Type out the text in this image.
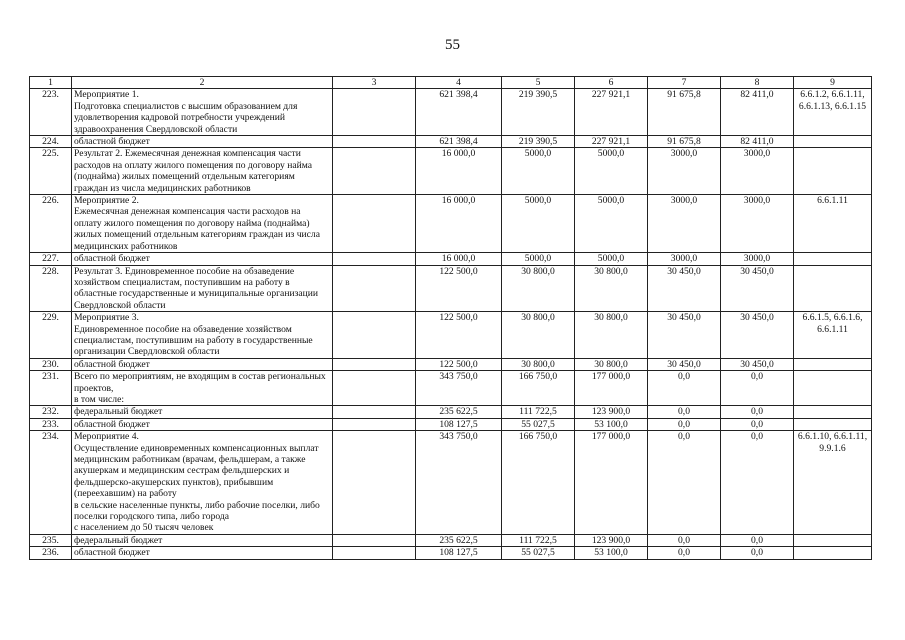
55
1	2	3	4	5	6	7	8	9
223.	Мероприятие 1.
Подготовка специалистов с высшим образованием для удовлетворения кадровой потребности учреждений здравоохранения Свердловской области		621 398,4	219 390,5	227 921,1	91 675,8	82 411,0	6.6.1.2, 6.6.1.11, 6.6.1.13, 6.6.1.15
224.	областной бюджет		621 398,4	219 390,5	227 921,1	91 675,8	82 411,0	
225.	Результат 2. Ежемесячная денежная компенсация части расходов на оплату жилого помещения по договору найма (поднайма) жилых помещений отдельным категориям граждан из числа медицинских работников		16 000,0	5000,0	5000,0	3000,0	3000,0	
226.	Мероприятие 2.
Ежемесячная денежная компенсация части расходов на оплату жилого помещения по договору найма (поднайма) жилых помещений отдельным категориям граждан из числа медицинских работников		16 000,0	5000,0	5000,0	3000,0	3000,0	6.6.1.11
227.	областной бюджет		16 000,0	5000,0	5000,0	3000,0	3000,0	
228.	Результат 3. Единовременное пособие на обзаведение хозяйством специалистам, поступившим на работу в областные государственные и муниципальные организации Свердловской области		122 500,0	30 800,0	30 800,0	30 450,0	30 450,0	
229.	Мероприятие 3.
Единовременное пособие на обзаведение хозяйством специалистам, поступившим на работу в государственные организации Свердловской области		122 500,0	30 800,0	30 800,0	30 450,0	30 450,0	6.6.1.5, 6.6.1.6, 6.6.1.11
230.	областной бюджет		122 500,0	30 800,0	30 800,0	30 450,0	30 450,0	
231.	Всего по мероприятиям, не входящим в состав региональных проектов,
в том числе:		343 750,0	166 750,0	177 000,0	0,0	0,0	
232.	федеральный бюджет		235 622,5	111 722,5	123 900,0	0,0	0,0	
233.	областной бюджет		108 127,5	55 027,5	53 100,0	0,0	0,0	
234.	Мероприятие 4.
Осуществление единовременных компенсационных выплат медицинским работникам (врачам, фельдшерам, а также акушеркам и медицинским сестрам фельдшерских и фельдшерско-акушерских пунктов), прибывшим (переехавшим) на работу
в сельские населенные пункты, либо рабочие поселки, либо поселки городского типа, либо города
с населением до 50 тысяч человек		343 750,0	166 750,0	177 000,0	0,0	0,0	6.6.1.10, 6.6.1.11, 9.9.1.6
235.	федеральный бюджет		235 622,5	111 722,5	123 900,0	0,0	0,0	
236.	областной бюджет		108 127,5	55 027,5	53 100,0	0,0	0,0	
